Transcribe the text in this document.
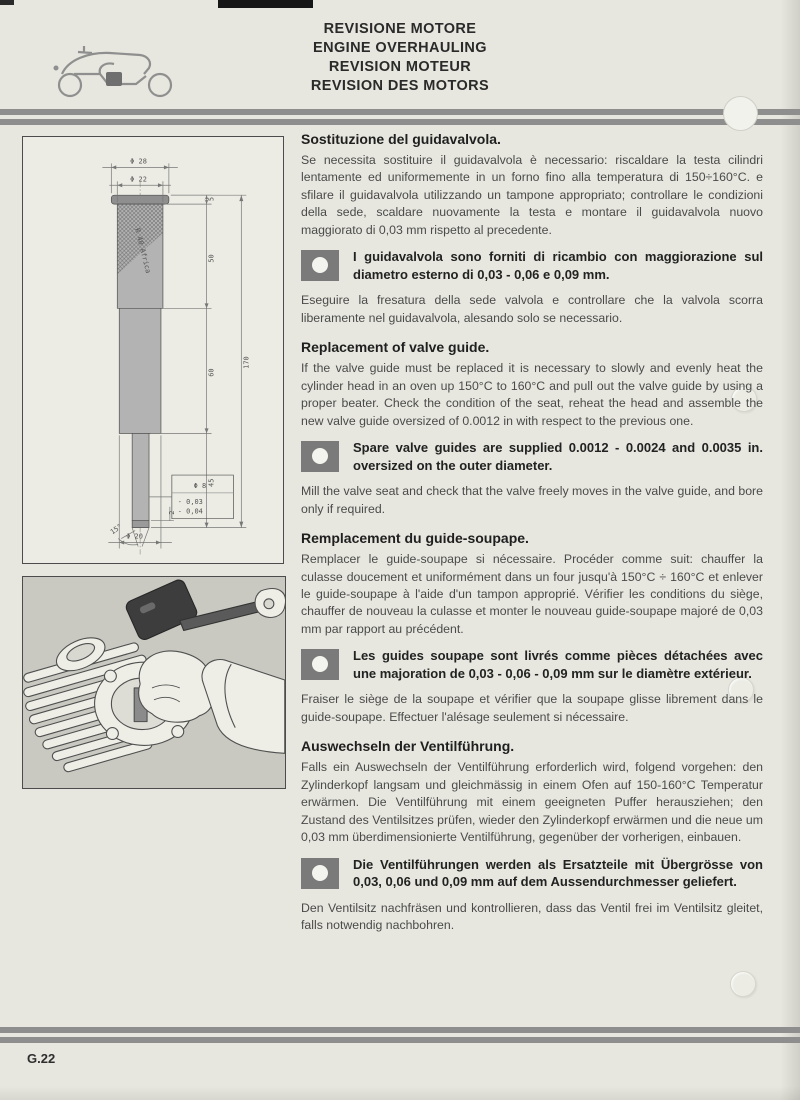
REVISIONE MOTORE
ENGINE OVERHAULING
REVISION MOTEUR
REVISION DES MOTORS
Φ 28
Φ 22
5
50
60
45
170
2
15°
Φ 8
- 0,03
- 0,04
Φ 20
R 40 Africa
Sostituzione del guidavalvola.

Se necessita sostituire il guidavalvola è necessario: riscaldare la testa cilindri lentamente ed uniformemente in un forno fino alla temperatura di 150÷160°C. e sfilare il guidavalvola utilizzando un tampone appropriato; controllare le condizioni della sede, scaldare nuovamente la testa e montare il guidavalvola nuovo maggiorato di 0,03 mm rispetto al precedente.

I guidavalvola sono forniti di ricambio con maggiorazione sul diametro esterno di 0,03 - 0,06 e 0,09 mm.

Eseguire la fresatura della sede valvola e controllare che la valvola scorra liberamente nel guidavalvola, alesando solo se necessario.

Replacement of valve guide.

If the valve guide must be replaced it is necessary to slowly and evenly heat the cylinder head in an oven up 150°C to 160°C and pull out the valve guide by using a proper beater. Check the condition of the seat, reheat the head and assemble the new valve guide oversized of 0.0012 in with respect to the previous one.

Spare valve guides are supplied 0.0012 - 0.0024 and 0.0035 in. oversized on the outer diameter.

Mill the valve seat and check that the valve freely moves in the valve guide, and bore only if required.

Remplacement du guide-soupape.

Remplacer le guide-soupape si nécessaire. Procéder comme suit: chauffer la culasse doucement et uniformément dans un four jusqu'à 150°C ÷ 160°C et enlever le guide-soupape à l'aide d'un tampon approprié. Vérifier les conditions du siège, chauffer de nouveau la culasse et monter le nouveau guide-soupape majoré de 0,03 mm par rapport au précédent.

Les guides soupape sont livrés comme pièces détachées avec une majoration de 0,03 - 0,06 - 0,09 mm sur le diamètre extérieur.

Fraiser le siège de la soupape et vérifier que la soupape glisse librement dans le guide-soupape. Effectuer l'alésage seulement si nécessaire.

Auswechseln der Ventilführung.

Falls ein Auswechseln der Ventilführung erforderlich wird, folgend vorgehen: den Zylinderkopf langsam und gleichmässig in einem Ofen auf 150-160°C Temperatur erwärmen. Die Ventilführung mit einem geeigneten Puffer herausziehen; den Zustand des Ventilsitzes prüfen, wieder den Zylinderkopf erwärmen und die neue um 0,03 mm überdimensionierte Ventilführung, gegenüber der vorherigen, einbauen.

Die Ventilführungen werden als Ersatzteile mit Übergrösse von 0,03, 0,06 und 0,09 mm auf dem Aussendurchmesser geliefert.

Den Ventilsitz nachfräsen und kontrollieren, dass das Ventil frei im Ventilsitz gleitet, falls notwendig nachbohren.

G.22
